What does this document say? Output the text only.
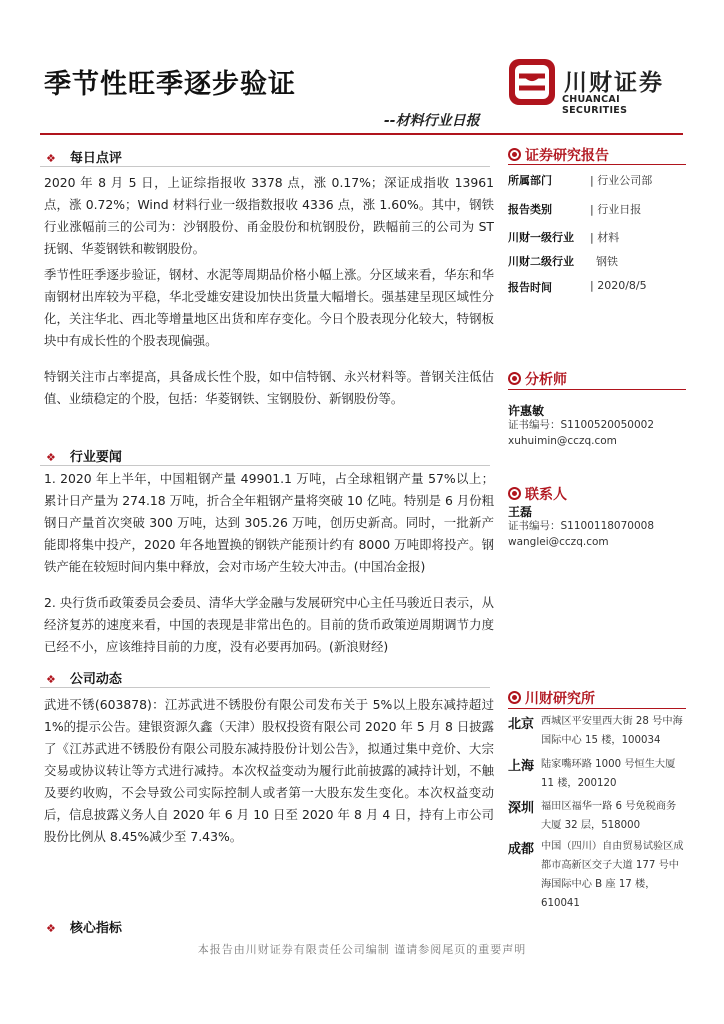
季节性旺季逐步验证
--材料行业日报
川财证券
CHUANCAI SECURITIES
❖ 每日点评
2020 年 8 月 5 日，上证综指报收 3378 点，涨 0.17%；深证成指收 13961 点，涨 0.72%；Wind 材料行业一级指数报收 4336 点，涨 1.60%。其中，钢铁行业涨幅前三的公司为：沙钢股份、甬金股份和杭钢股份，跌幅前三的公司为 ST 抚钢、华菱钢铁和鞍钢股份。
季节性旺季逐步验证，钢材、水泥等周期品价格小幅上涨。分区域来看，华东和华南钢材出库较为平稳，华北受雄安建设加快出货量大幅增长。强基建呈现区域性分化，关注华北、西北等增量地区出货和库存变化。今日个股表现分化较大，特钢板块中有成长性的个股表现偏强。
特钢关注市占率提高，具备成长性个股，如中信特钢、永兴材料等。普钢关注低估值、业绩稳定的个股，包括：华菱钢铁、宝钢股份、新钢股份等。
❖ 行业要闻
1. 2020 年上半年，中国粗钢产量 49901.1 万吨，占全球粗钢产量 57%以上；累计日产量为 274.18 万吨，折合全年粗钢产量将突破 10 亿吨。特别是 6 月份粗钢日产量首次突破 300 万吨，达到 305.26 万吨，创历史新高。同时，一批新产能即将集中投产，2020 年各地置换的钢铁产能预计约有 8000 万吨即将投产。钢铁产能在较短时间内集中释放，会对市场产生较大冲击。(中国冶金报)
2. 央行货币政策委员会委员、清华大学金融与发展研究中心主任马骏近日表示，从经济复苏的速度来看，中国的表现是非常出色的。目前的货币政策逆周期调节力度已经不小，应该维持目前的力度，没有必要再加码。(新浪财经)
❖ 公司动态
武进不锈(603878)：江苏武进不锈股份有限公司发布关于 5%以上股东减持超过 1%的提示公告。建银资源久鑫（天津）股权投资有限公司 2020 年 5 月 8 日披露了《江苏武进不锈股份有限公司股东减持股份计划公告》，拟通过集中竞价、大宗交易或协议转让等方式进行减持。本次权益变动为履行此前披露的减持计划，不触及要约收购，不会导致公司实际控制人或者第一大股东发生变化。本次权益变动后，信息披露义务人自 2020 年 6 月 10 日至 2020 年 8 月 4 日，持有上市公司股份比例从 8.45%减少至 7.43%。
❖ 核心指标
证券研究报告
所属部门	| 行业公司部
报告类别	| 行业日报
川财一级行业 | 材料
川财二级行业 钢铁
报告时间	| 2020/8/5
分析师
许惠敏
证书编号：S1100520050002
xuhuimin@cczq.com
联系人
王磊
证书编号：S1100118070008
wanglei@cczq.com
川财研究所
北京 西城区平安里西大街 28 号中海国际中心 15 楼，100034
上海 陆家嘴环路 1000 号恒生大厦 11 楼，200120
深圳 福田区福华一路 6 号免税商务大厦 32 层，518000
成都 中国（四川）自由贸易试验区成都市高新区交子大道 177 号中海国际中心 B 座 17 楼，610041
本报告由川财证券有限责任公司编制 谨请参阅尾页的重要声明
